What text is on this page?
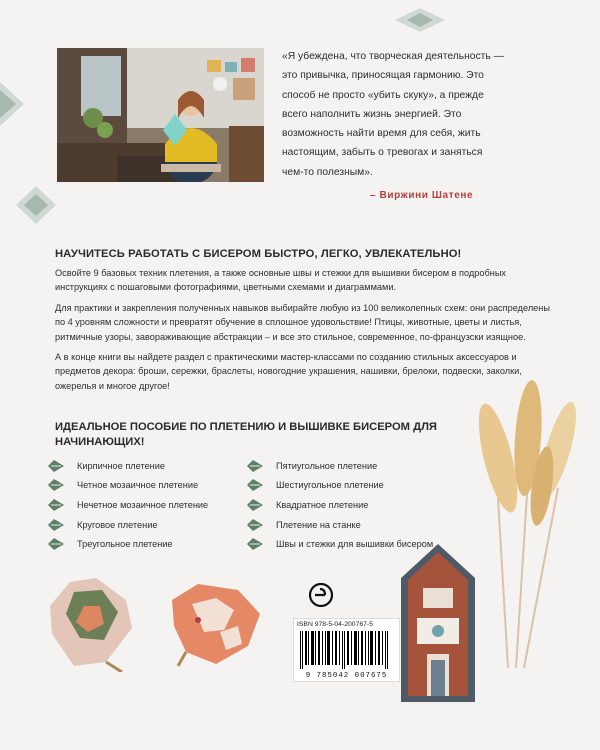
«Я убеждена, что творческая деятельность —
это привычка, приносящая гармонию. Это
способ не просто «убить скуку», а прежде
всего наполнить жизнь энергией. Это
возможность найти время для себя, жить
настоящим, забыть о тревогах и заняться
чем-то полезным».
– Виржини Шатене
НАУЧИТЕСЬ РАБОТАТЬ С БИСЕРОМ БЫСТРО, ЛЕГКО, УВЛЕКАТЕЛЬНО!

Освойте 9 базовых техник плетения, а также основные швы и стежки для вышивки бисером в подробных инструкциях с пошаговыми фотографиями, цветными схемами и диаграммами.

Для практики и закрепления полученных навыков выбирайте любую из 100 великолепных схем: они распределены по 4 уровням сложности и превратят обучение в сплошное удовольствие! Птицы, животные, цветы и листья, ритмичные узоры, завораживающие абстракции – и все это стильное, современное, по-французски изящное.

А в конце книги вы найдете раздел с практическими мастер-классами по созданию стильных аксессуаров и предметов декора: броши, сережки, браслеты, новогодние украшения, нашивки, брелоки, подвески, заколки, ожерелья и многое другое!

ИДЕАЛЬНОЕ ПОСОБИЕ ПО ПЛЕТЕНИЮ И ВЫШИВКЕ БИСЕРОМ ДЛЯ НАЧИНАЮЩИХ!
Кирпичное плетение
Четное мозаичное плетение
Нечетное мозаичное плетение
Круговое плетение
Треугольное плетение
Пятиугольное плетение
Шестиугольное плетение
Квадратное плетение
Плетение на станке
Швы и стежки для вышивки бисером
ISBN 978-5-04-200767-5
9 785042 007675
